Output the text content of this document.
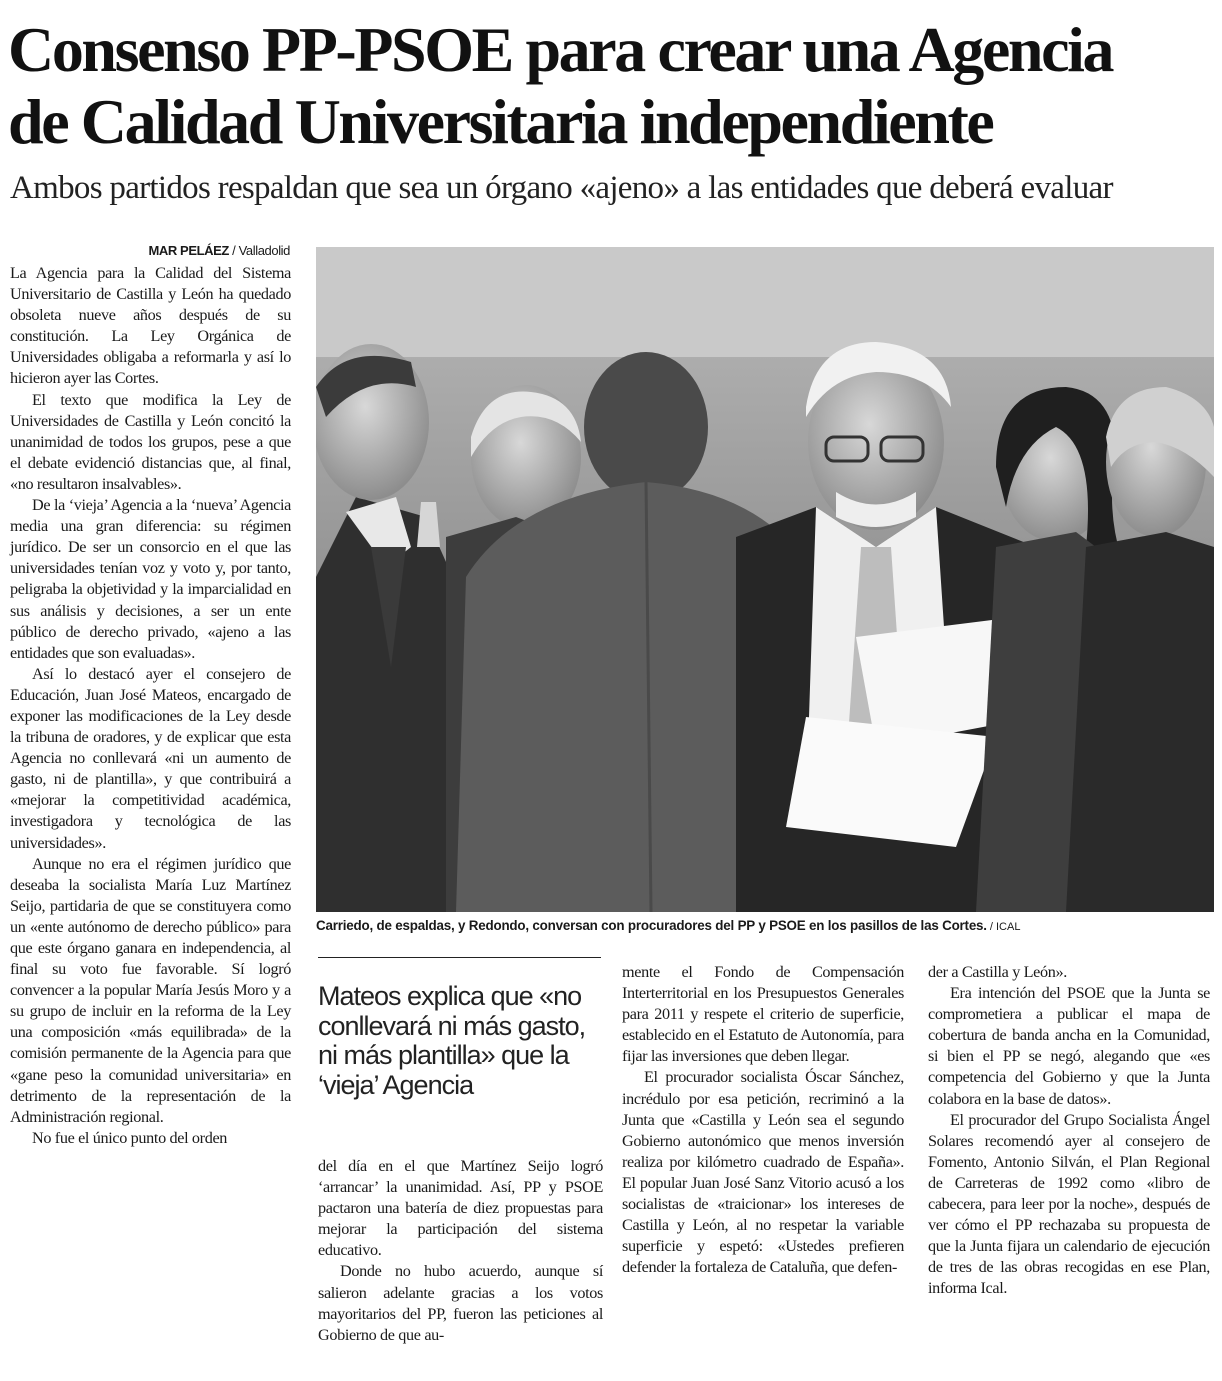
Consenso PP-PSOE para crear una Agencia
de Calidad Universitaria independiente
Ambos partidos respaldan que sea un órgano «ajeno» a las entidades que deberá evaluar
MAR PELÁEZ / Valladolid

La Agencia para la Calidad del Sistema Universitario de Castilla y León ha quedado obsoleta nueve años después de su constitución. La Ley Orgánica de Universidades obligaba a reformarla y así lo hicieron ayer las Cortes.

El texto que modifica la Ley de Universidades de Castilla y León concitó la unanimidad de todos los grupos, pese a que el debate evidenció distancias que, al final, «no resultaron insalvables».

De la ‘vieja’ Agencia a la ‘nueva’ Agencia media una gran diferencia: su régimen jurídico. De ser un consorcio en el que las universidades tenían voz y voto y, por tanto, peligraba la objetividad y la imparcialidad en sus análisis y decisiones, a ser un ente público de derecho privado, «ajeno a las entidades que son evaluadas».

Así lo destacó ayer el consejero de Educación, Juan José Mateos, encargado de exponer las modificaciones de la Ley desde la tribuna de oradores, y de explicar que esta Agencia no conllevará «ni un aumento de gasto, ni de plantilla», y que contribuirá a «mejorar la competitividad académica, investigadora y tecnológica de las universidades».

Aunque no era el régimen jurídico que deseaba la socialista María Luz Martínez Seijo, partidaria de que se constituyera como un «ente autónomo de derecho público» para que este órgano ganara en independencia, al final su voto fue favorable. Sí logró convencer a la popular María Jesús Moro y a su grupo de incluir en la reforma de la Ley una composición «más equilibrada» de la comisión permanente de la Agencia para que «gane peso la comunidad universitaria» en detrimento de la representación de la Administración regional.

No fue el único punto del orden

Carriedo, de espaldas, y Redondo, conversan con procuradores del PP y PSOE en los pasillos de las Cortes. / ICAL
Mateos explica que «no conllevará ni más gasto, ni más plantilla» que la ‘vieja’ Agencia

del día en el que Martínez Seijo logró ‘arrancar’ la unanimidad. Así, PP y PSOE pactaron una batería de diez propuestas para mejorar la participación del sistema educativo.

Donde no hubo acuerdo, aunque sí salieron adelante gracias a los votos mayoritarios del PP, fueron las peticiones al Gobierno de que au-

mente el Fondo de Compensación Interterritorial en los Presupuestos Generales para 2011 y respete el criterio de superficie, establecido en el Estatuto de Autonomía, para fijar las inversiones que deben llegar.

El procurador socialista Óscar Sánchez, incrédulo por esa petición, recriminó a la Junta que «Castilla y León sea el segundo Gobierno autonómico que menos inversión realiza por kilómetro cuadrado de España». El popular Juan José Sanz Vitorio acusó a los socialistas de «traicionar» los intereses de Castilla y León, al no respetar la variable superficie y espetó: «Ustedes prefieren defender la fortaleza de Cataluña, que defen-

der a Castilla y León».

Era intención del PSOE que la Junta se comprometiera a publicar el mapa de cobertura de banda ancha en la Comunidad, si bien el PP se negó, alegando que «es competencia del Gobierno y que la Junta colabora en la base de datos».

El procurador del Grupo Socialista Ángel Solares recomendó ayer al consejero de Fomento, Antonio Silván, el Plan Regional de Carreteras de 1992 como «libro de cabecera, para leer por la noche», después de ver cómo el PP rechazaba su propuesta de que la Junta fijara un calendario de ejecución de tres de las obras recogidas en ese Plan, informa Ical.
